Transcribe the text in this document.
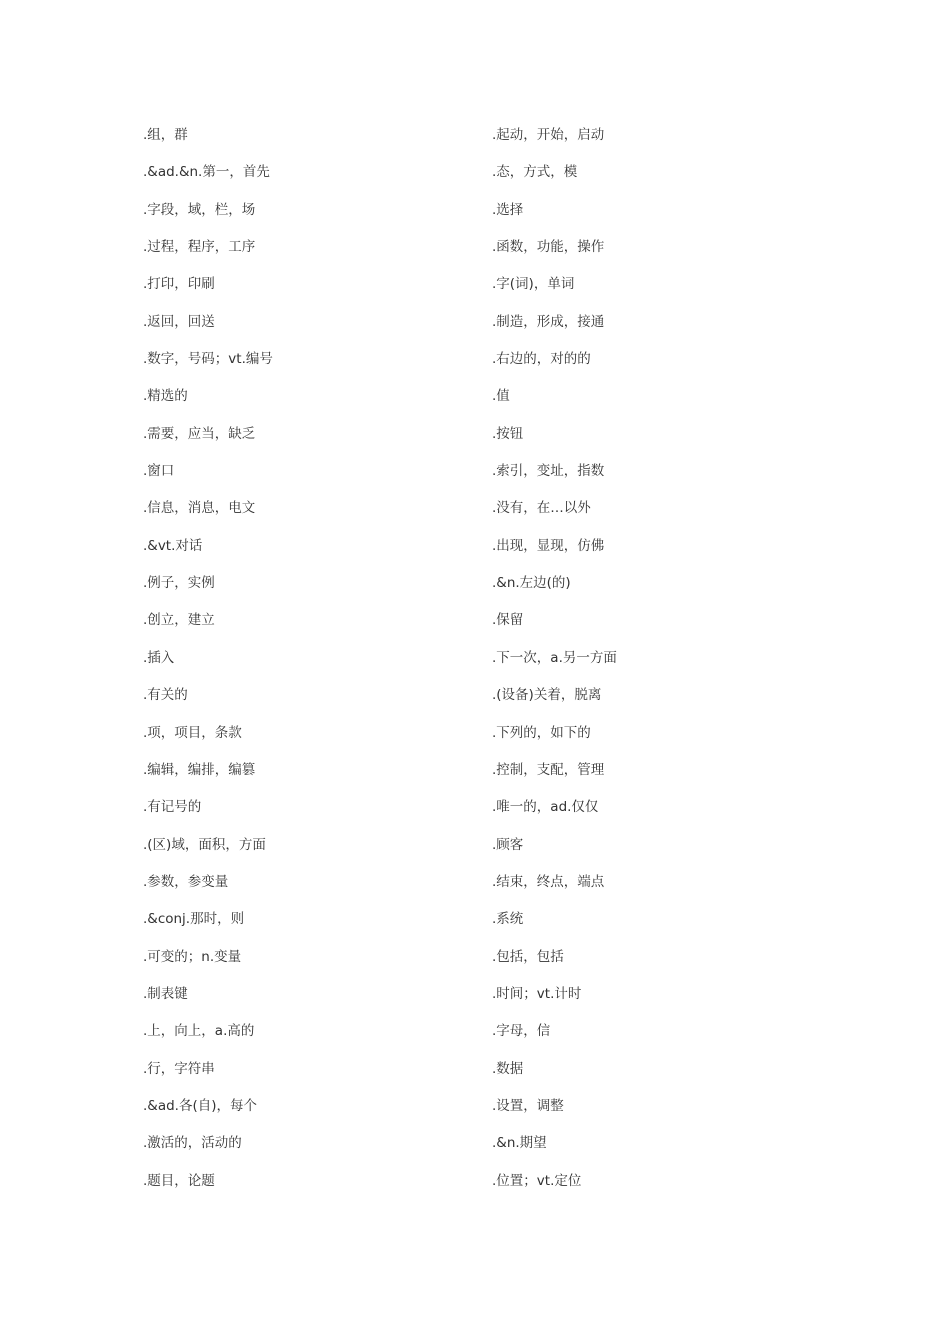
.组，群
.&ad.&n.第一，首先
.字段，域，栏，场
.过程，程序，工序
.打印，印刷
.返回，回送
.数字，号码；vt.编号
.精选的
.需要，应当，缺乏
.窗口
.信息，消息，电文
.&vt.对话
.例子，实例
.创立，建立
.插入
.有关的
.项，项目，条款
.编辑，编排，编篡
.有记号的
.(区)域，面积，方面
.参数，参变量
.&conj.那时，则
.可变的；n.变量
.制表键
.上，向上，a.高的
.行，字符串
.&ad.各(自)，每个
.激活的，活动的
.题目，论题
.起动，开始，启动
.态，方式，模
.选择
.函数，功能，操作
.字(词)，单词
.制造，形成，接通
.右边的，对的的
.值
.按钮
.索引，变址，指数
.没有，在…以外
.出现，显现，仿佛
.&n.左边(的)
.保留
.下一次，a.另一方面
.(设备)关着，脱离
.下列的，如下的
.控制，支配，管理
.唯一的，ad.仅仅
.顾客
.结束，终点，端点
.系统
.包括，包括
.时间；vt.计时
.字母，信
.数据
.设置，调整
.&n.期望
.位置；vt.定位
